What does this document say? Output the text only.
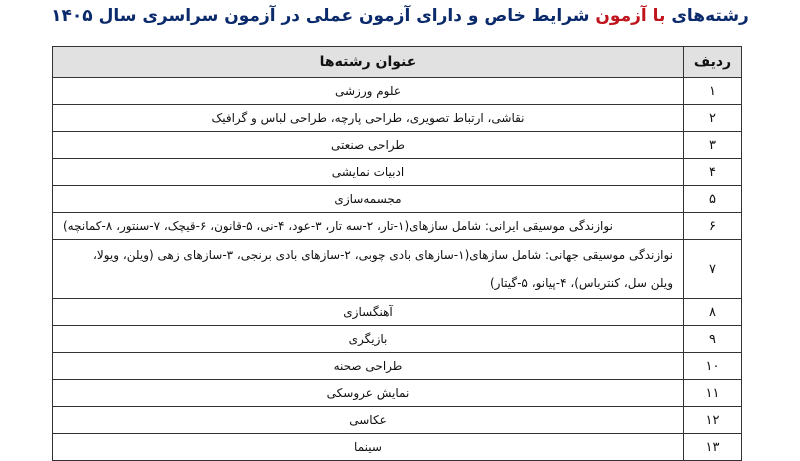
رشته‌های با آزمون شرایط خاص و دارای آزمون عملی در آزمون سراسری سال ۱۴۰۵
ردیف	عنوان رشته‌ها
۱	علوم ورزشی
۲	نقاشی، ارتباط تصویری، طراحی پارچه، طراحی لباس و گرافیک
۳	طراحی صنعتی
۴	ادبیات نمایشی
۵	مجسمه‌سازی
۶	نوازندگی موسیقی ایرانی: شامل سازهای(۱-تار، ۲-سه تار، ۳-عود، ۴-نی، ۵-قانون، ۶-قیچک، ۷-سنتور، ۸-کمانچه)
۷	نوازندگی موسیقی جهانی: شامل سازهای(۱-سازهای بادی چوبی، ۲-سازهای بادی برنجی، ۳-سازهای زهی (ویلن، ویولا،
ویلن سل، کنترباس)، ۴-پیانو، ۵-گیتار)

۸	آهنگسازی
۹	بازیگری
۱۰	طراحی صحنه
۱۱	نمایش عروسکی
۱۲	عکاسی
۱۳	سینما
